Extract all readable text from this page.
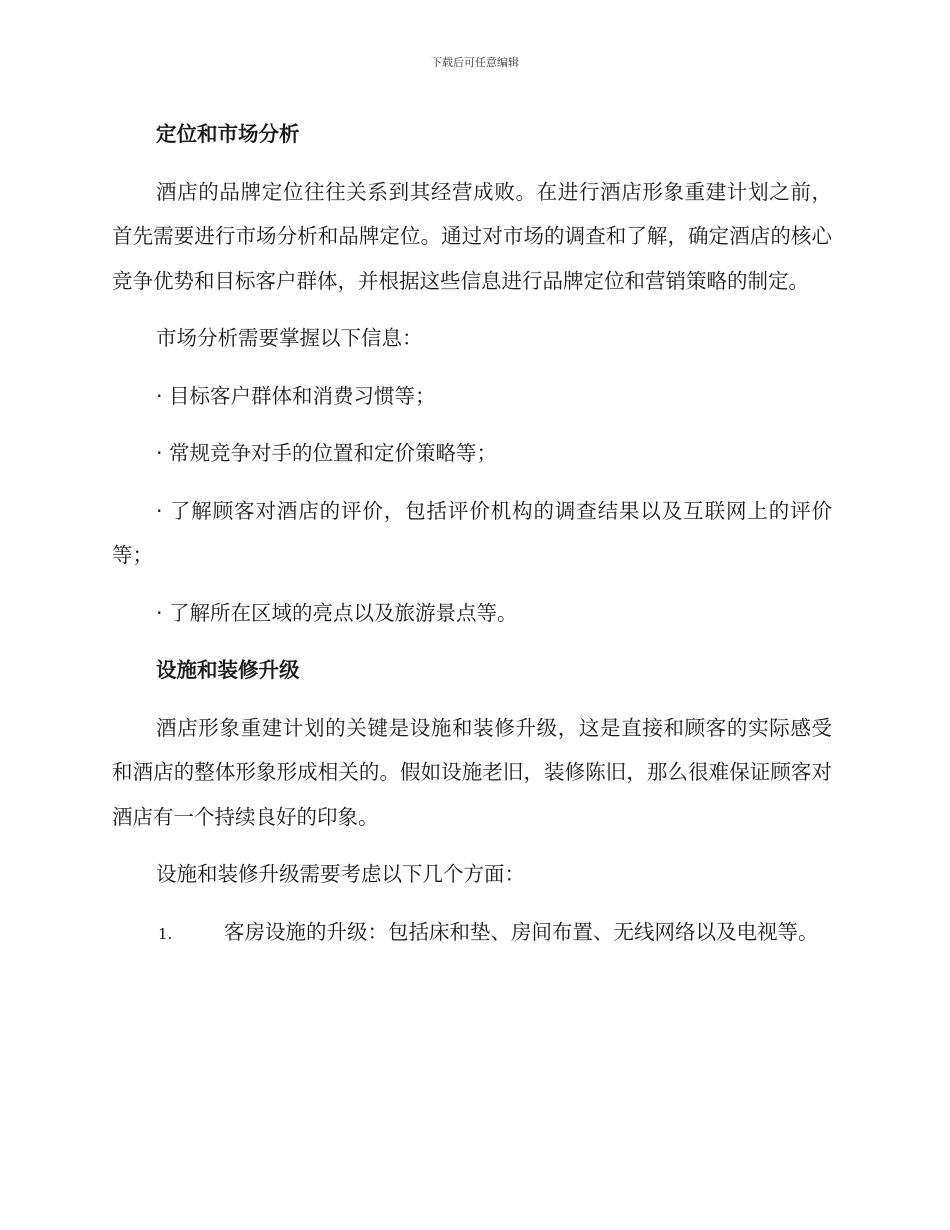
下载后可任意编辑
定位和市场分析
酒店的品牌定位往往关系到其经营成败。在进行酒店形象重建计划之前，首先需要进行市场分析和品牌定位。通过对市场的调查和了解，确定酒店的核心竞争优势和目标客户群体，并根据这些信息进行品牌定位和营销策略的制定。
市场分析需要掌握以下信息：
· 目标客户群体和消费习惯等；
· 常规竞争对手的位置和定价策略等；
· 了解顾客对酒店的评价，包括评价机构的调查结果以及互联网上的评价等；
· 了解所在区域的亮点以及旅游景点等。
设施和装修升级
酒店形象重建计划的关键是设施和装修升级，这是直接和顾客的实际感受和酒店的整体形象形成相关的。假如设施老旧，装修陈旧，那么很难保证顾客对酒店有一个持续良好的印象。
设施和装修升级需要考虑以下几个方面：
1.	客房设施的升级：包括床和垫、房间布置、无线网络以及电视等。
